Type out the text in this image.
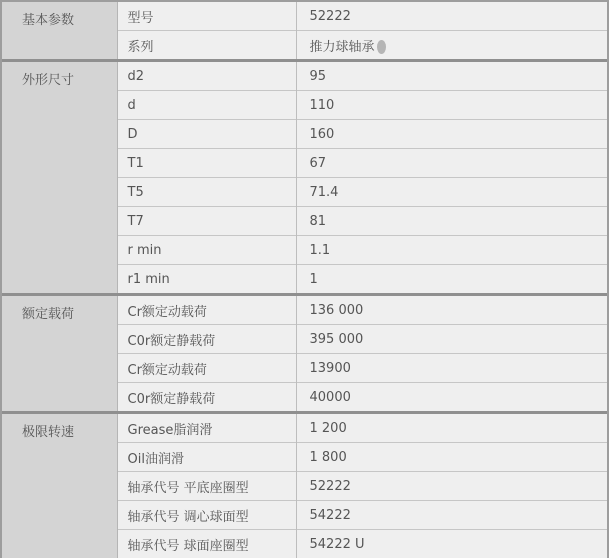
基本参数	型号	52222
	系列	推力球轴承
外形尺寸	d2	95
	d	110
	D	160
	T1	67
	T5	71.4
	T7	81
	r min	1.1
	r1 min	1
额定载荷	Cr额定动载荷	136 000
	C0r额定静载荷	395 000
	Cr额定动载荷	13900
	C0r额定静载荷	40000
极限转速	Grease脂润滑	1 200
	Oil油润滑	1 800
	轴承代号 平底座圈型	52222
	轴承代号 调心球面型	54222
	轴承代号 球面座圈型	54222 U
